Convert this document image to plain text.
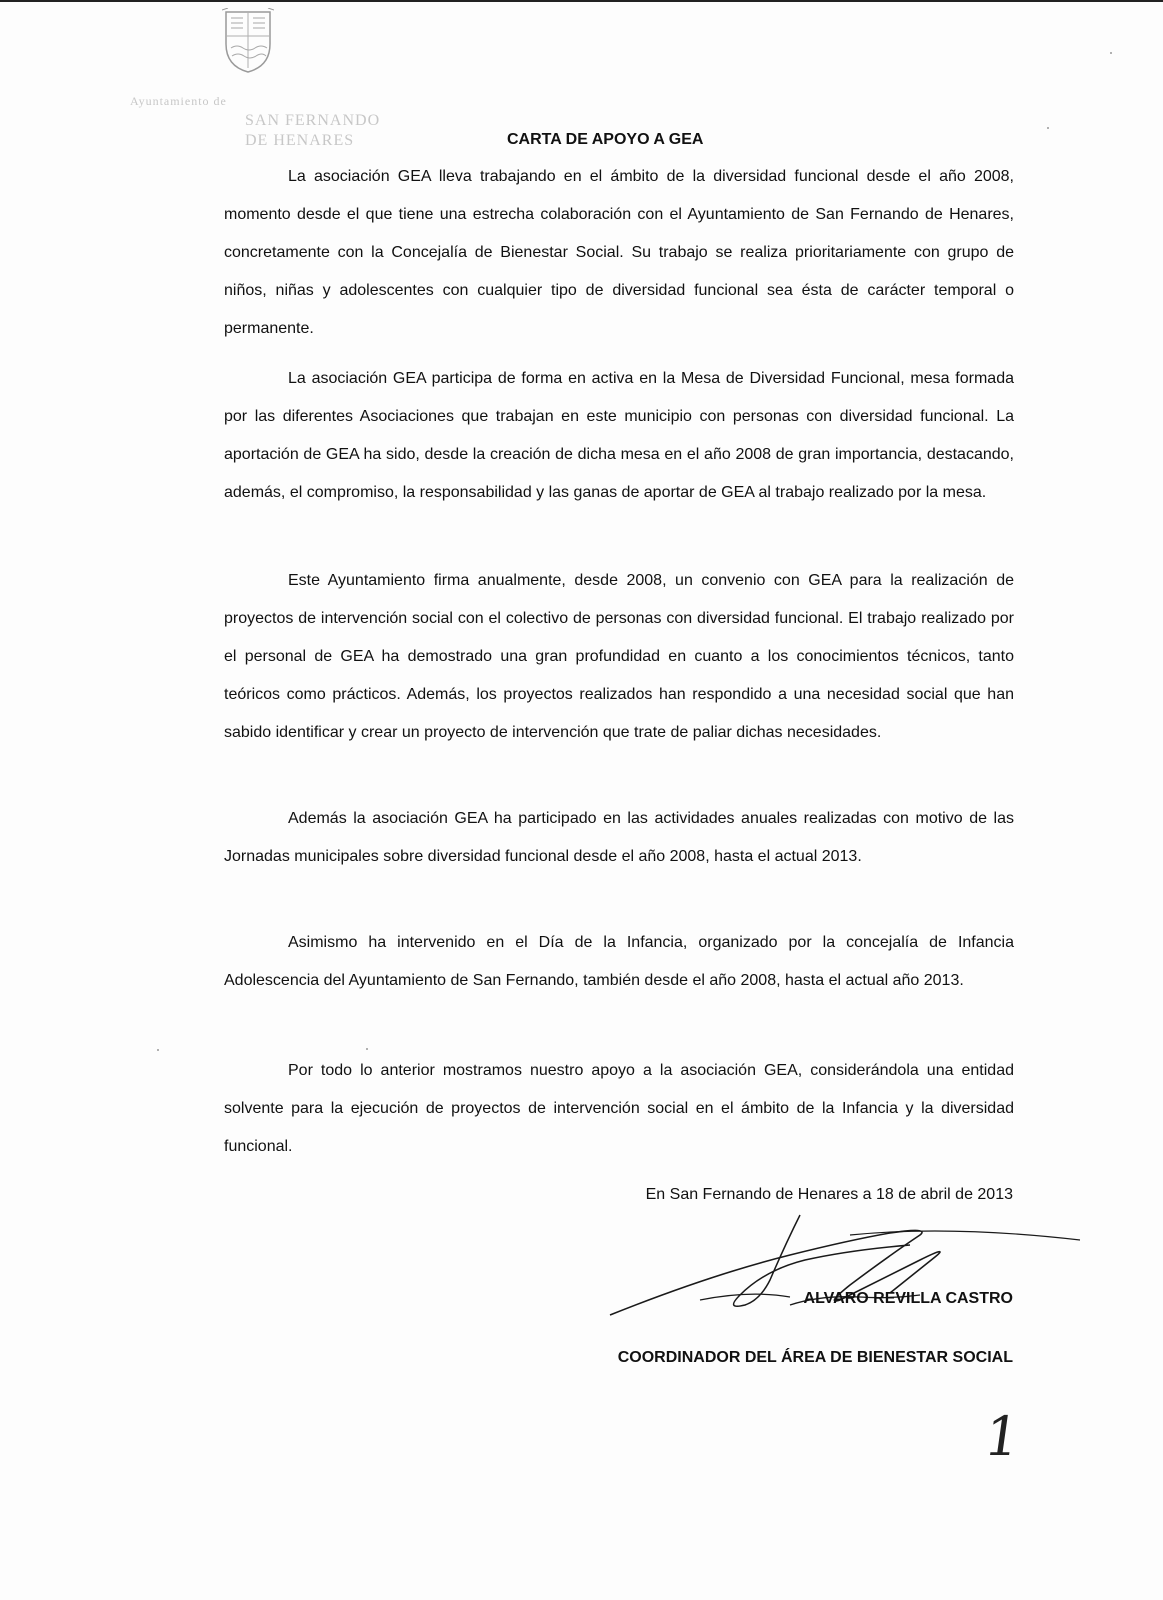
Ayuntamiento de
SAN FERNANDO
DE HENARES	CARTA DE APOYO A GEA

La asociación GEA lleva trabajando en el ámbito de la diversidad funcional desde el año 2008, momento desde el que tiene una estrecha colaboración con el Ayuntamiento de San Fernando de Henares, concretamente con la Concejalía de Bienestar Social. Su trabajo se realiza prioritariamente con grupo de niños, niñas y adolescentes con cualquier tipo de diversidad funcional sea ésta de carácter temporal o permanente.

La asociación GEA participa de forma en activa en la Mesa de Diversidad Funcional, mesa formada por las diferentes Asociaciones que trabajan en este municipio con personas con diversidad funcional. La aportación de GEA ha sido, desde la creación de dicha mesa en el año 2008 de gran importancia, destacando, además, el compromiso, la responsabilidad y las ganas de aportar de GEA al trabajo realizado por la mesa.

Este Ayuntamiento firma anualmente, desde 2008, un convenio con GEA para la realización de proyectos de intervención social con el colectivo de personas con diversidad funcional. El trabajo realizado por el personal de GEA ha demostrado una gran profundidad en cuanto a los conocimientos técnicos, tanto teóricos como prácticos. Además, los proyectos realizados han respondido a una necesidad social que han sabido identificar y crear un proyecto de intervención que trate de paliar dichas necesidades.

Además la asociación GEA ha participado en las actividades anuales realizadas con motivo de las Jornadas municipales sobre diversidad funcional desde el año 2008, hasta el actual 2013.

Asimismo ha intervenido en el Día de la Infancia, organizado por la concejalía de Infancia Adolescencia del Ayuntamiento de San Fernando, también desde el año 2008, hasta el actual año 2013.

Por todo lo anterior mostramos nuestro apoyo a la asociación GEA, considerándola una entidad solvente para la ejecución de proyectos de intervención social en el ámbito de la Infancia y la diversidad funcional.

En San Fernando de Henares a 18 de abril de 2013
ALVARO REVILLA CASTRO
COORDINADOR DEL ÁREA DE BIENESTAR SOCIAL
1
